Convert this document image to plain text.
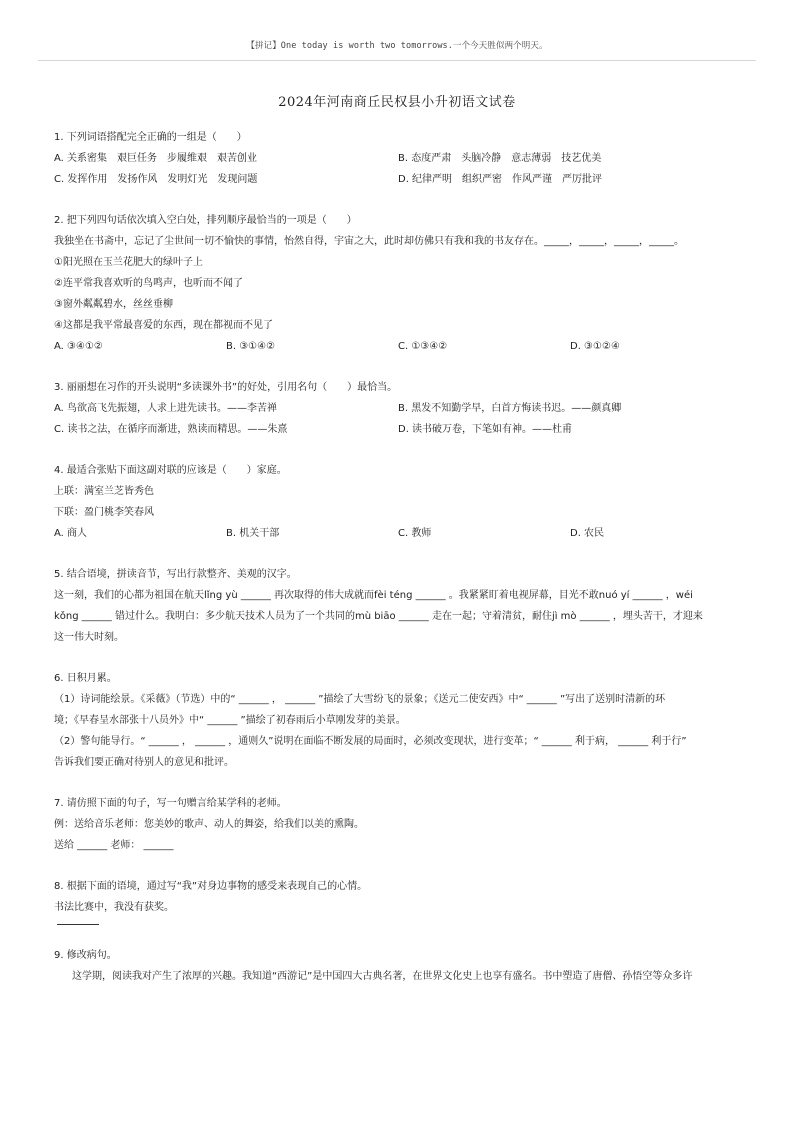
【拼记】One today is worth two tomorrows.一个今天胜似两个明天。
2024年河南商丘民权县小升初语文试卷
1. 下列词语搭配完全正确的一组是（　　）
A. 关系密集　艰巨任务　步履维艰　艰苦创业	B. 态度严肃　头脑冷静　意志薄弱　技艺优美
C. 发挥作用　发扬作风　发明灯光　发现问题	D. 纪律严明　组织严密　作风严谨　严厉批评
2. 把下列四句话依次填入空白处，排列顺序最恰当的一项是（　　）
我独坐在书斋中，忘记了尘世间一切不愉快的事情，怡然自得，宇宙之大，此时却仿佛只有我和我的书友存在。_____，_____，_____，_____。
①阳光照在玉兰花肥大的绿叶子上
②连平常我喜欢听的鸟鸣声，也听而不闻了
③窗外粼粼碧水，丝丝垂柳
④这都是我平常最喜爱的东西，现在都视而不见了
A. ③④①②	B. ③①④②	C. ①③④②	D. ③①②④
3. 丽丽想在习作的开头说明“多读课外书”的好处，引用名句（　　）最恰当。
A. 鸟欲高飞先振翅，人求上进先读书。——李苦禅	B. 黑发不知勤学早，白首方悔读书迟。——颜真卿
C. 读书之法，在循序而渐进，熟读而精思。——朱熹	D. 读书破万卷，下笔如有神。——杜甫
4. 最适合张贴下面这副对联的应该是（　　）家庭。
上联：满室兰芝皆秀色
下联：盈门桃李笑春风
A. 商人	B. 机关干部	C. 教师	D. 农民
5. 结合语境，拼读音节，写出行款整齐、美观的汉字。
这一刻，我们的心都为祖国在航天lǐng yù ______ 再次取得的伟大成就而fèi téng ______ 。我紧紧盯着电视屏幕，目光不敢nuó yí ______ ，wéi
kǒng ______ 错过什么。我明白：多少航天技术人员为了一个共同的mù biāo ______ 走在一起；守着清贫，耐住jì mò ______ ，埋头苦干，才迎来
这一伟大时刻。
6. 日积月累。
（1）诗词能绘景。《采薇》（节选）中的“ ______ ， ______ ”描绘了大雪纷飞的景象；《送元二使安西》中“ ______ ”写出了送别时清新的环
境；《早春呈水部张十八员外》中“ ______ ”描绘了初春雨后小草刚发芽的美景。
（2）警句能导行。“ ______ ， ______ ，通则久”说明在面临不断发展的局面时，必须改变现状，进行变革；“ ______ 利于病， ______ 利于行”
告诉我们要正确对待别人的意见和批评。
7. 请仿照下面的句子，写一句赠言给某学科的老师。
例：送给音乐老师：您美妙的歌声、动人的舞姿，给我们以美的熏陶。
送给 ______ 老师： ______
8. 根据下面的语境，通过写“我”对身边事物的感受来表现自己的心情。
书法比赛中，我没有获奖。
9. 修改病句。
这学期，阅读我对产生了浓厚的兴趣。我知道“西游记”是中国四大古典名著，在世界文化史上也享有盛名。书中塑造了唐僧、孙悟空等众多许
